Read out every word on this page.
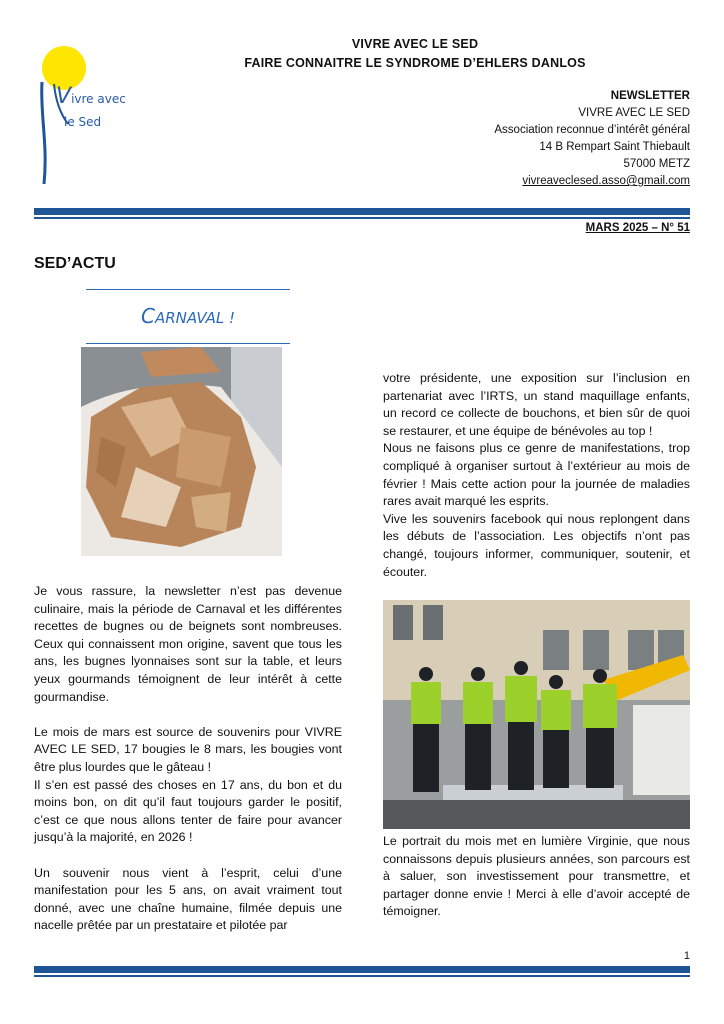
Vivre avec
le Sed
VIVRE AVEC LE SED
FAIRE CONNAITRE LE SYNDROME D’EHLERS DANLOS
NEWSLETTER
VIVRE AVEC LE SED
Association reconnue d’intérêt général
14 B Rempart Saint Thiebault
57000 METZ
vivreaveclesed.asso@gmail.com
MARS 2025 – N° 51
SED’ACTU
CARNAVAL !

Je vous rassure, la newsletter n’est pas devenue culinaire, mais la période de Carnaval et les différentes recettes de bugnes ou de beignets sont nombreuses. Ceux qui connaissent mon origine, savent que tous les ans, les bugnes lyonnaises sont sur la table, et leurs yeux gourmands témoignent de leur intérêt à cette gourmandise.

Le mois de mars est source de souvenirs pour VIVRE AVEC LE SED, 17 bougies le 8 mars, les bougies vont être plus lourdes que le gâteau !

Il s’en est passé des choses en 17 ans, du bon et du moins bon, on dit qu’il faut toujours garder le positif, c’est ce que nous allons tenter de faire pour avancer jusqu’à la majorité, en 2026 !

Un souvenir nous vient à l’esprit, celui d’une manifestation pour les 5 ans, on avait vraiment tout donné, avec une chaîne humaine, filmée depuis une nacelle prêtée par un prestataire et pilotée par

votre présidente, une exposition sur l’inclusion en partenariat avec l’IRTS, un stand maquillage enfants, un record ce collecte de bouchons, et bien sûr de quoi se restaurer, et une équipe de bénévoles au top !

Nous ne faisons plus ce genre de manifestations, trop compliqué à organiser surtout à l’extérieur au mois de février ! Mais cette action pour la journée de maladies rares avait marqué les esprits.

Vive les souvenirs facebook qui nous replongent dans les débuts de l’association. Les objectifs n’ont pas changé, toujours informer, communiquer, soutenir, et écouter.

Le portrait du mois met en lumière Virginie, que nous connaissons depuis plusieurs années, son parcours est à saluer, son investissement pour transmettre, et partager donne envie ! Merci à elle d’avoir accepté de témoigner.
1
